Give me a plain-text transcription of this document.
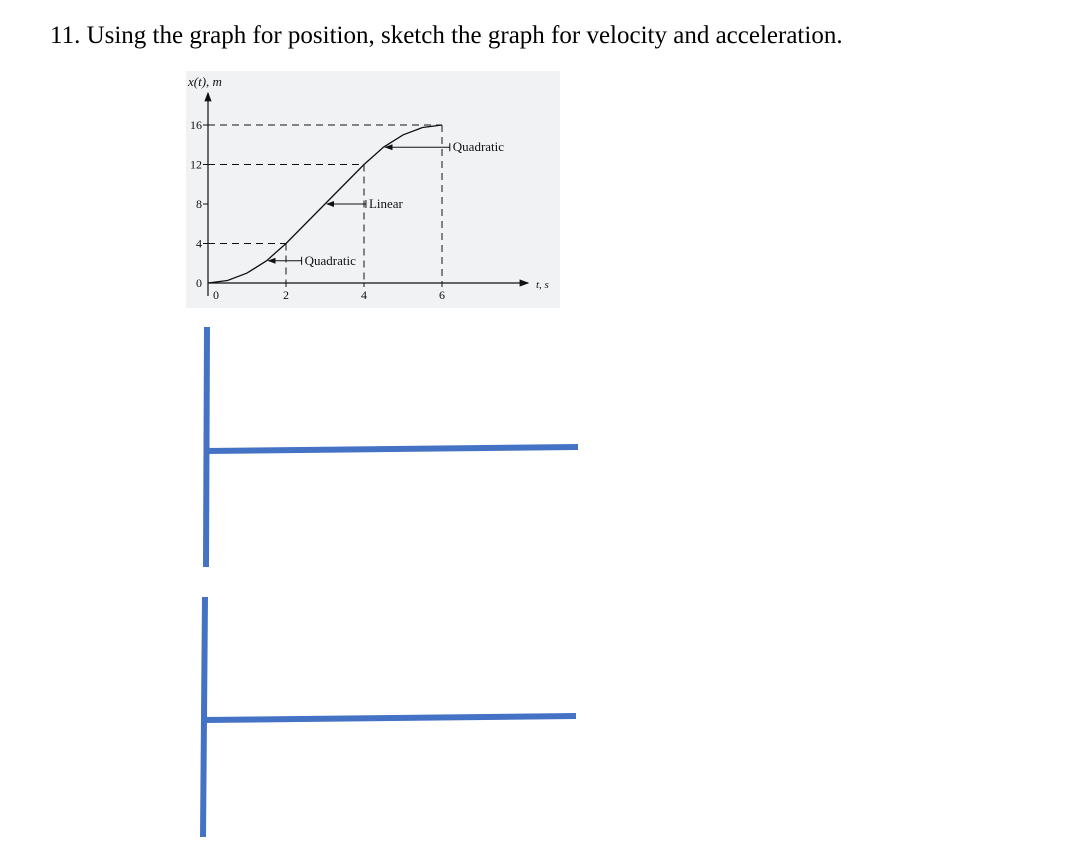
11. Using the graph for position, sketch the graph for velocity and acceleration.
0
4
8
12
16
0	2	4	6
Quadratic
Linear
Quadratic
x(t), m
t, s
